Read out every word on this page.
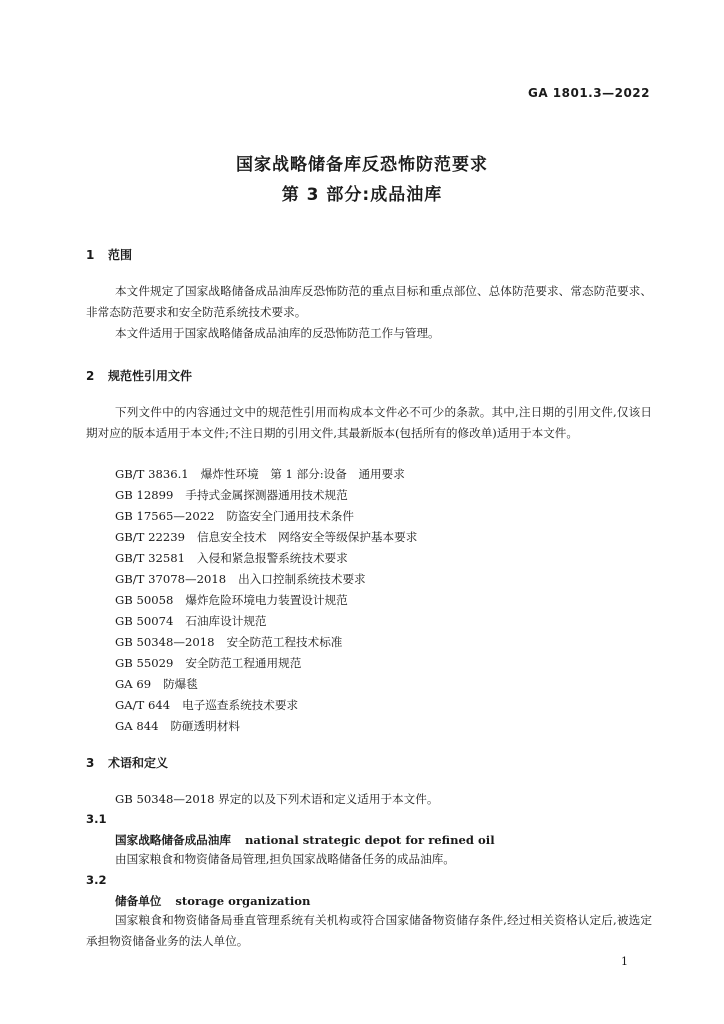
GA 1801.3—2022
国家战略储备库反恐怖防范要求
第 3 部分:成品油库
1 范围

本文件规定了国家战略储备成品油库反恐怖防范的重点目标和重点部位、总体防范要求、常态防范要求、非常态防范要求和安全防范系统技术要求。

本文件适用于国家战略储备成品油库的反恐怖防范工作与管理。

2 规范性引用文件

下列文件中的内容通过文中的规范性引用而构成本文件必不可少的条款。其中,注日期的引用文件,仅该日期对应的版本适用于本文件;不注日期的引用文件,其最新版本(包括所有的修改单)适用于本文件。

GB/T 3836.1 爆炸性环境　第 1 部分:设备　通用要求
GB 12899 手持式金属探测器通用技术规范
GB 17565—2022 防盗安全门通用技术条件
GB/T 22239 信息安全技术　网络安全等级保护基本要求
GB/T 32581 入侵和紧急报警系统技术要求
GB/T 37078—2018 出入口控制系统技术要求
GB 50058 爆炸危险环境电力装置设计规范
GB 50074 石油库设计规范
GB 50348—2018 安全防范工程技术标准
GB 55029 安全防范工程通用规范
GA 69 防爆毯
GA/T 644 电子巡查系统技术要求
GA 844 防砸透明材料
3 术语和定义

GB 50348—2018 界定的以及下列术语和定义适用于本文件。

3.1
国家战略储备成品油库 national strategic depot for refined oil

由国家粮食和物资储备局管理,担负国家战略储备任务的成品油库。

3.2
储备单位 storage organization

国家粮食和物资储备局垂直管理系统有关机构或符合国家储备物资储存条件,经过相关资格认定后,被选定承担物资储备业务的法人单位。

1
